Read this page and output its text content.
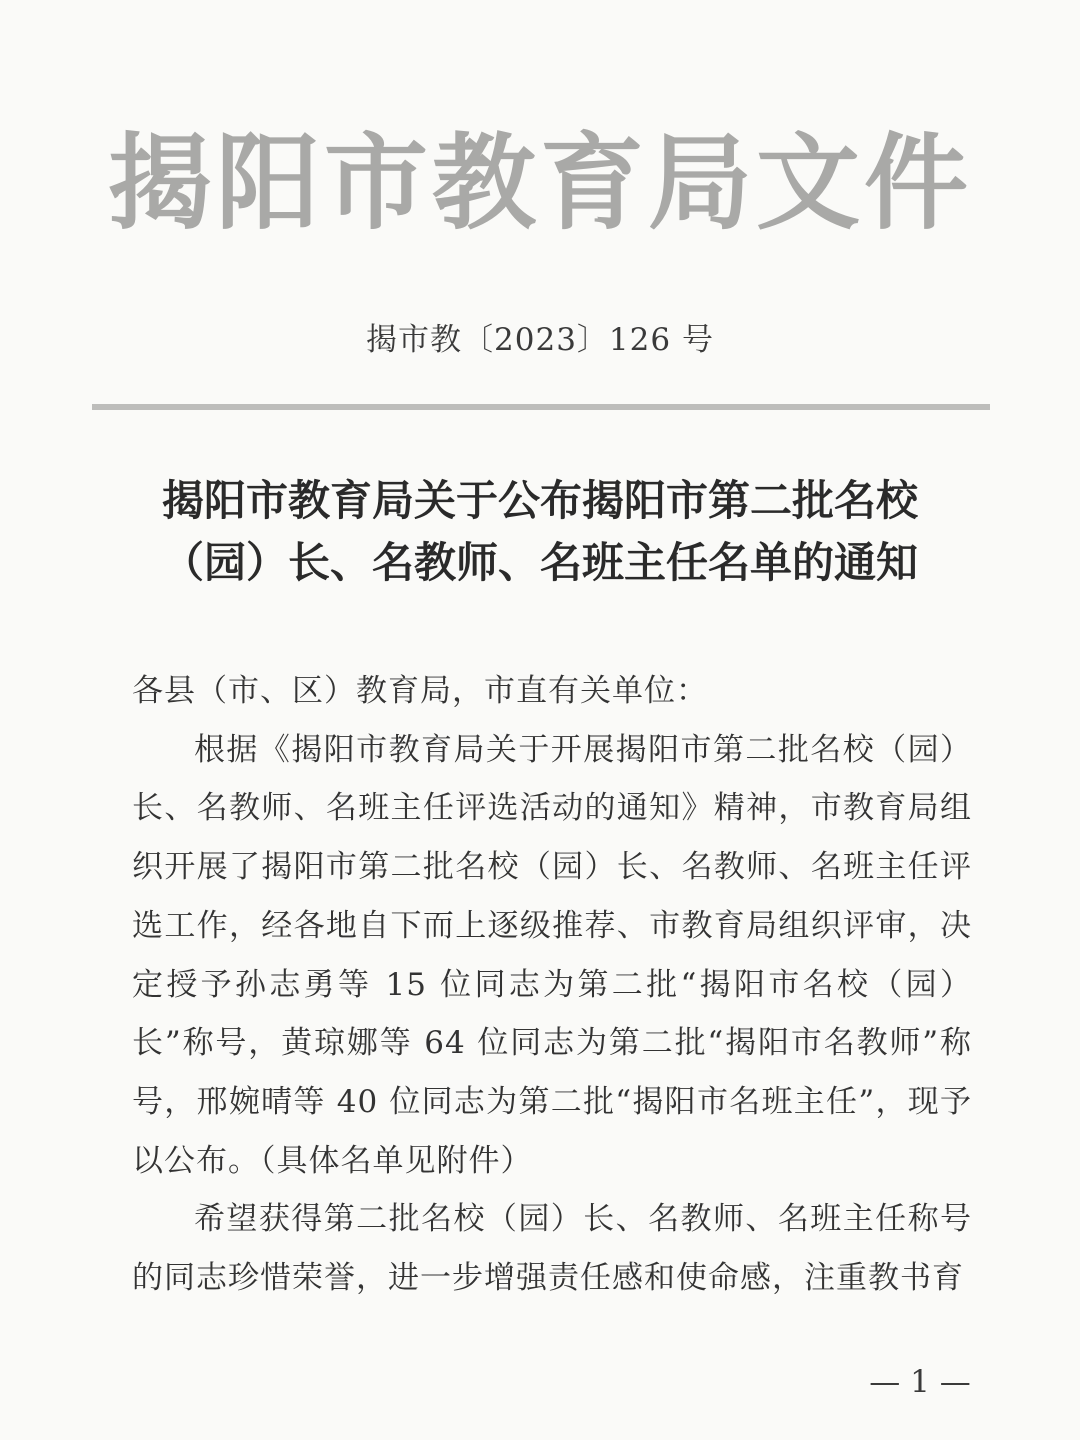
揭阳市教育局文件
揭市教〔2023〕126 号
揭阳市教育局关于公布揭阳市第二批名校
（园）长、名教师、名班主任名单的通知

各县（市、区）教育局，市直有关单位：

根据《揭阳市教育局关于开展揭阳市第二批名校（园）长、名教师、名班主任评选活动的通知》精神，市教育局组织开展了揭阳市第二批名校（园）长、名教师、名班主任评选工作，经各地自下而上逐级推荐、市教育局组织评审，决定授予孙志勇等 15 位同志为第二批“揭阳市名校（园）长”称号，黄琼娜等 64 位同志为第二批“揭阳市名教师”称号，邢婉晴等 40 位同志为第二批“揭阳市名班主任”，现予以公布。（具体名单见附件）

希望获得第二批名校（园）长、名教师、名班主任称号的同志珍惜荣誉，进一步增强责任感和使命感，注重教书育

— 1 —
